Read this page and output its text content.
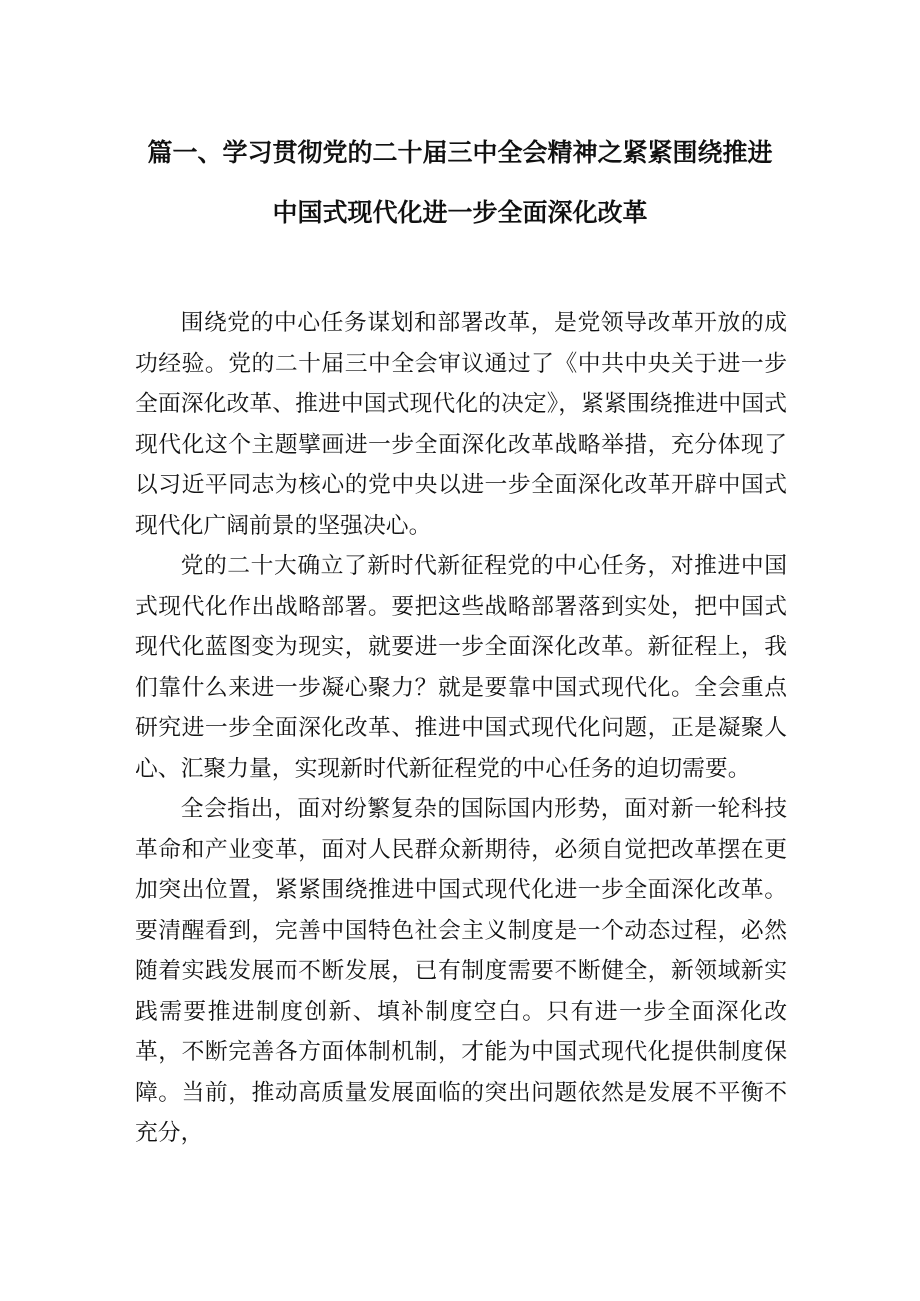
篇一、学习贯彻党的二十届三中全会精神之紧紧围绕推进
中国式现代化进一步全面深化改革

围绕党的中心任务谋划和部署改革，是党领导改革开放的成功经验。党的二十届三中全会审议通过了《中共中央关于进一步全面深化改革、推进中国式现代化的决定》，紧紧围绕推进中国式现代化这个主题擘画进一步全面深化改革战略举措，充分体现了以习近平同志为核心的党中央以进一步全面深化改革开辟中国式现代化广阔前景的坚强决心。

党的二十大确立了新时代新征程党的中心任务，对推进中国式现代化作出战略部署。要把这些战略部署落到实处，把中国式现代化蓝图变为现实，就要进一步全面深化改革。新征程上，我们靠什么来进一步凝心聚力？就是要靠中国式现代化。全会重点研究进一步全面深化改革、推进中国式现代化问题，正是凝聚人心、汇聚力量，实现新时代新征程党的中心任务的迫切需要。

全会指出，面对纷繁复杂的国际国内形势，面对新一轮科技革命和产业变革，面对人民群众新期待，必须自觉把改革摆在更加突出位置，紧紧围绕推进中国式现代化进一步全面深化改革。要清醒看到，完善中国特色社会主义制度是一个动态过程，必然随着实践发展而不断发展，已有制度需要不断健全，新领域新实践需要推进制度创新、填补制度空白。只有进一步全面深化改革，不断完善各方面体制机制，才能为中国式现代化提供制度保障。当前，推动高质量发展面临的突出问题依然是发展不平衡不充分，
